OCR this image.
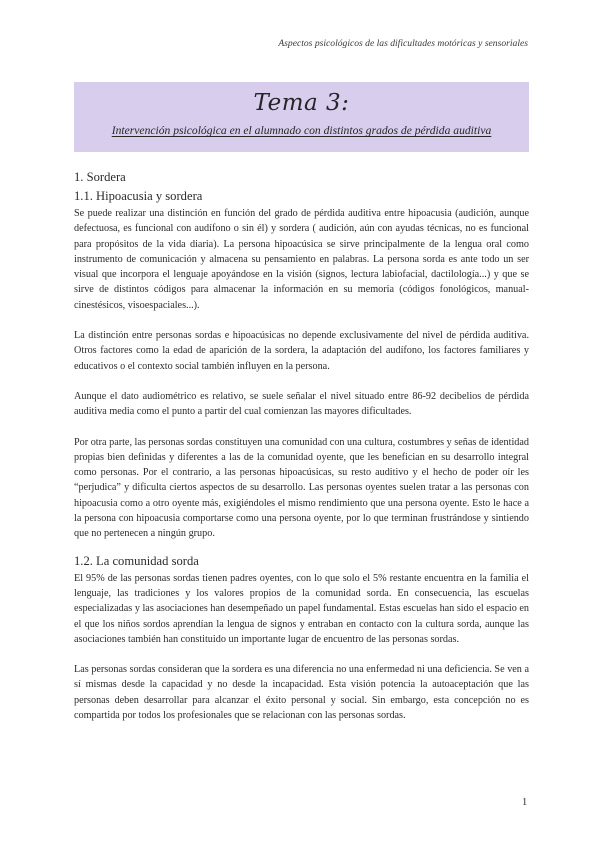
Aspectos psicológicos de las dificultades motóricas y sensoriales
Tema 3:
Intervención psicológica en el alumnado con distintos grados de pérdida auditiva
1. Sordera
1.1. Hipoacusia y sordera

Se puede realizar una distinción en función del grado de pérdida auditiva entre hipoacusia (audición, aunque defectuosa, es funcional con audífono o sin él) y sordera ( audición, aún con ayudas técnicas, no es funcional para propósitos de la vida diaria). La persona hipoacúsica se sirve principalmente de la lengua oral como instrumento de comunicación y almacena su pensamiento en palabras. La persona sorda es ante todo un ser visual que incorpora el lenguaje apoyándose en la visión (signos, lectura labiofacial, dactilología...) y que se sirve de distintos códigos para almacenar la información en su memoria (códigos fonológicos, manual-cinestésicos, visoespaciales...).

La distinción entre personas sordas e hipoacúsicas no depende exclusivamente del nivel de pérdida auditiva. Otros factores como la edad de aparición de la sordera, la adaptación del audífono, los factores familiares y educativos o el contexto social también influyen en la persona.

Aunque el dato audiométrico es relativo, se suele señalar el nivel situado entre 86-92 decibelios de pérdida auditiva media como el punto a partir del cual comienzan las mayores dificultades.

Por otra parte, las personas sordas constituyen una comunidad con una cultura, costumbres y señas de identidad propias bien definidas y diferentes a las de la comunidad oyente, que les benefician en su desarrollo integral como personas. Por el contrario, a las personas hipoacúsicas, su resto auditivo y el hecho de poder oír les “perjudica” y dificulta ciertos aspectos de su desarrollo. Las personas oyentes suelen tratar a las personas con hipoacusia como a otro oyente más, exigiéndoles el mismo rendimiento que una persona oyente. Esto le hace a la persona con hipoacusia comportarse como una persona oyente, por lo que terminan frustrándose y sintiendo que no pertenecen a ningún grupo.

1.2. La comunidad sorda

El 95% de las personas sordas tienen padres oyentes, con lo que solo el 5% restante encuentra en la familia el lenguaje, las tradiciones y los valores propios de la comunidad sorda. En consecuencia, las escuelas especializadas y las asociaciones han desempeñado un papel fundamental. Estas escuelas han sido el espacio en el que los niños sordos aprendían la lengua de signos y entraban en contacto con la cultura sorda, aunque las asociaciones también han constituido un importante lugar de encuentro de las personas sordas.

Las personas sordas consideran que la sordera es una diferencia no una enfermedad ni una deficiencia. Se ven a sí mismas desde la capacidad y no desde la incapacidad. Esta visión potencia la autoaceptación que las personas deben desarrollar para alcanzar el éxito personal y social. Sin embargo, esta concepción no es compartida por todos los profesionales que se relacionan con las personas sordas.

1
